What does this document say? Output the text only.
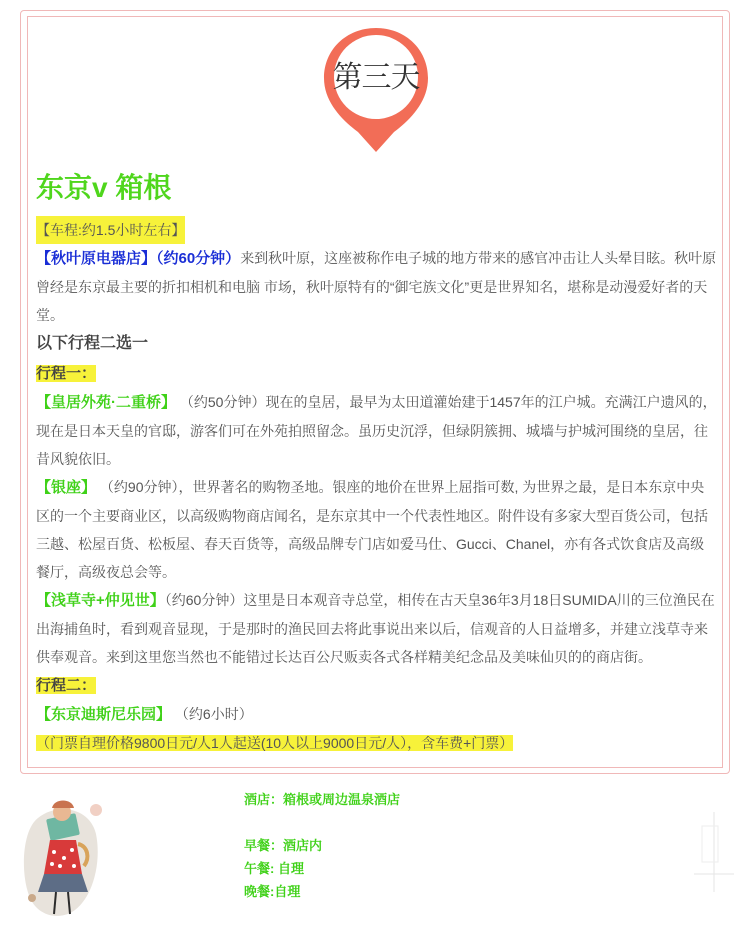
第三天
东京v 箱根

【车程:约1.5小时左右】

【秋叶原电器店】（约60分钟）来到秋叶原，这座被称作电子城的地方带来的感官冲击让人头晕目眩。秋叶原曾经是东京最主要的折扣相机和电脑 市场，秋叶原特有的“御宅族文化”更是世界知名，堪称是动漫爱好者的天堂。

以下行程二选一

行程一：

【皇居外苑·二重桥】 （约50分钟）现在的皇居，最早为太田道灌始建于1457年的江户城。充满江户遗风的，现在是日本天皇的官邸，游客们可在外苑拍照留念。虽历史沉浮，但绿阴簇拥、城墙与护城河围绕的皇居，往昔风貌依旧。

【银座】 （约90分钟），世界著名的购物圣地。银座的地价在世界上屈指可数, 为世界之最，是日本东京中央区的一个主要商业区，以高级购物商店闻名，是东京其中一个代表性地区。附件设有多家大型百货公司，包括三越、松屋百货、松板屋、春天百货等，高级品牌专门店如爱马仕、Gucci、Chanel，亦有各式饮食店及高级餐厅，高级夜总会等。

【浅草寺+仲见世】（约60分钟）这里是日本观音寺总堂，相传在古天皇36年3月18日SUMIDA川的三位渔民在出海捕鱼时，看到观音显现，于是那时的渔民回去将此事说出来以后，信观音的人日益增多，并建立浅草寺来供奉观音。来到这里您当然也不能错过长达百公尺贩卖各式各样精美纪念品及美味仙贝的的商店街。

行程二：

【东京迪斯尼乐园】 （约6小时）（门票自理价格9800日元/人1人起送(10人以上9000日元/人），含车费+门票）

酒店：箱根或周边温泉酒店

早餐：酒店内
午餐: 自理
晚餐:自理
